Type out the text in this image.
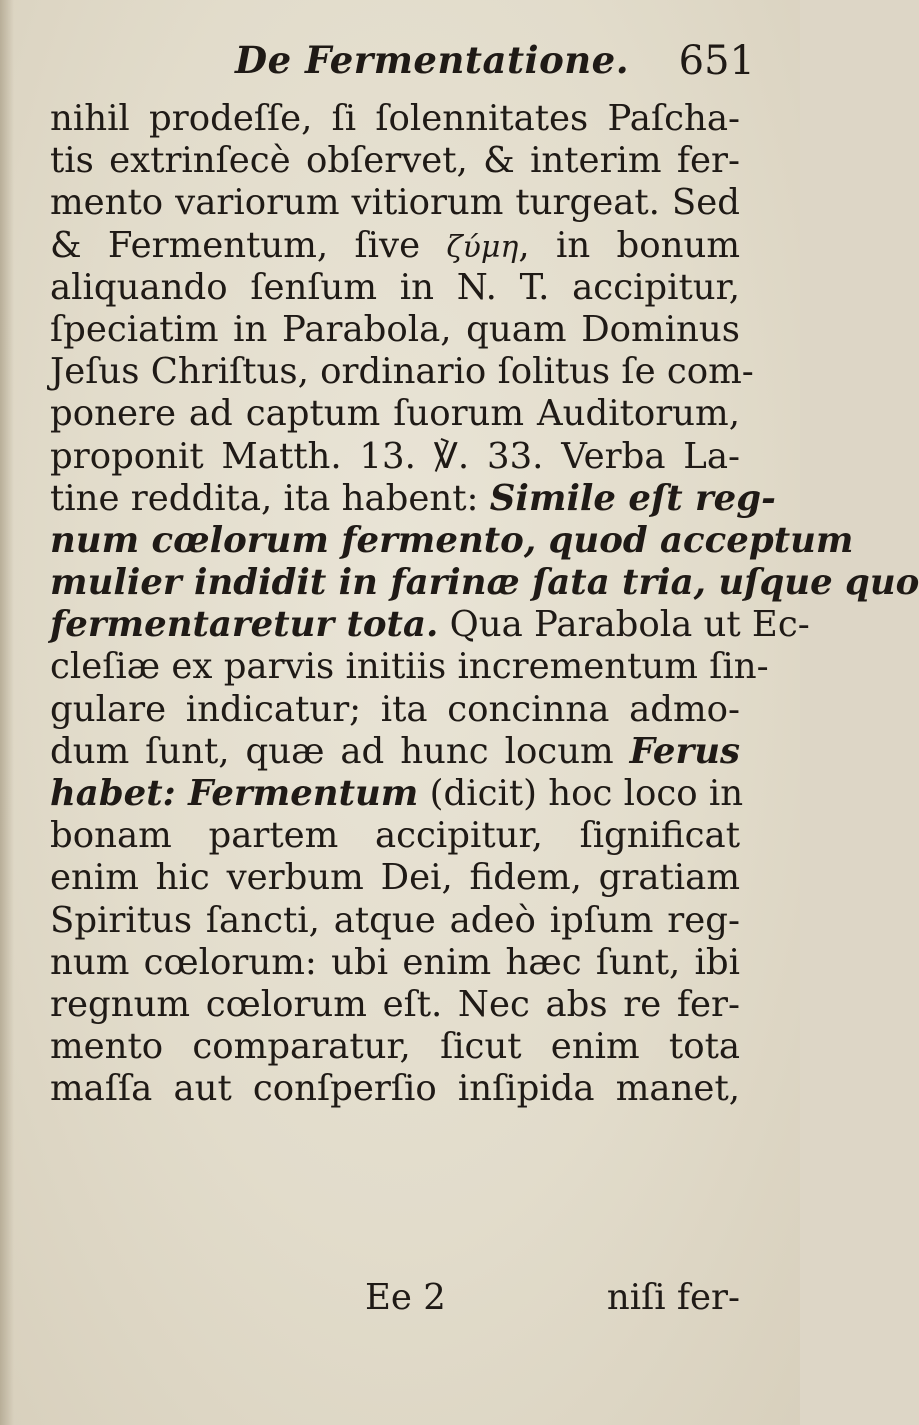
De Fermentatione. 651
nihil prodeſſe, ſi ſolennitates Paſcha-
tis extrinſecè obſervet, & interim fer-
mento variorum vitiorum turgeat. Sed
& Fermentum, ſive ζύμη, in bonum
aliquando ſenſum in N. T. accipitur,
ſpeciatim in Parabola, quam Dominus
Jeſus Chriſtus, ordinario ſolitus ſe com-
ponere ad captum ſuorum Auditorum,
proponit Matth. 13. ℣. 33. Verba La-
tine reddita, ita habent: Simile eſt reg-
num cœlorum fermento, quod acceptum
mulier indidit in farinæ ſata tria, uſque quo
fermentaretur tota. Qua Parabola ut Ec-
cleſiæ ex parvis initiis incrementum ſin-
gulare indicatur; ita concinna admo-
dum ſunt, quæ ad hunc locum Ferus
habet: Fermentum (dicit) hoc loco in
bonam partem accipitur, ſignificat
enim hic verbum Dei, fidem, gratiam
Spiritus ſancti, atque adeò ipſum reg-
num cœlorum: ubi enim hæc ſunt, ibi
regnum cœlorum eſt. Nec abs re fer-
mento comparatur, ſicut enim tota
maſſa aut conſperſio inſipida manet,
Ee 2	niſi fer-
